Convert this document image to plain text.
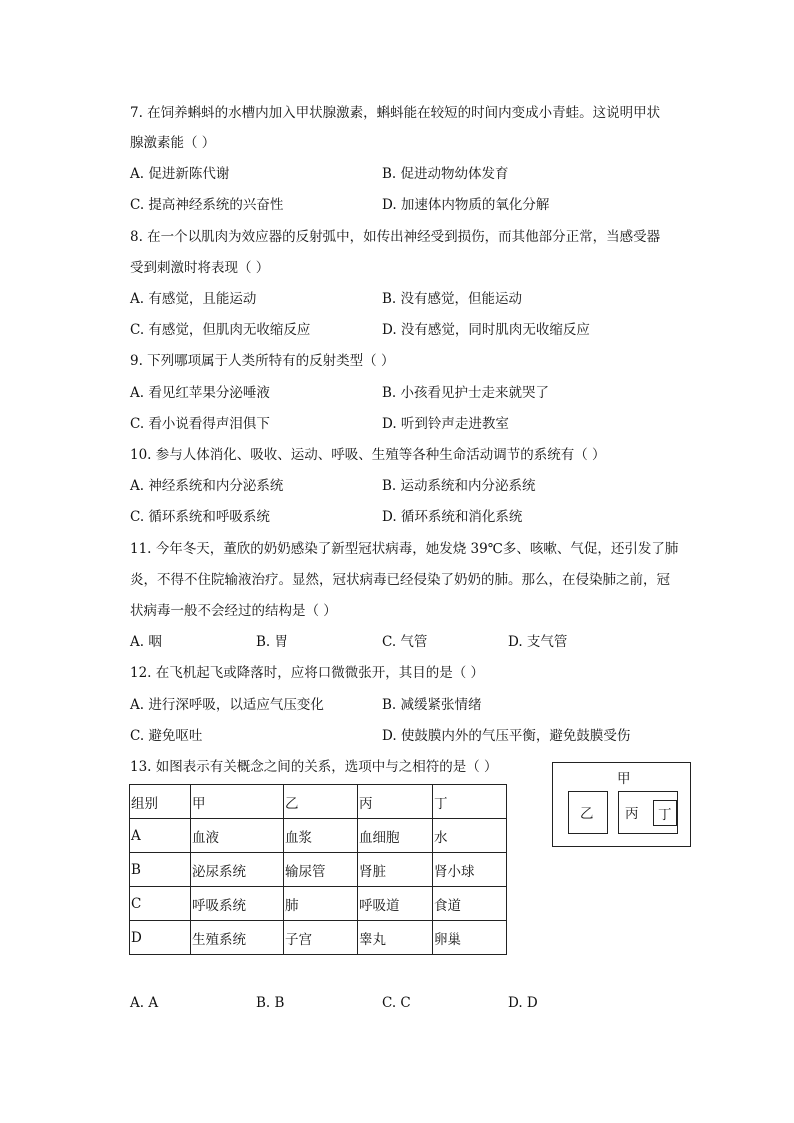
7. 在饲养蝌蚪的水槽内加入甲状腺激素，蝌蚪能在较短的时间内变成小青蛙。这说明甲状
腺激素能（ ）
A. 促进新陈代谢	B. 促进动物幼体发育
C. 提高神经系统的兴奋性	D. 加速体内物质的氧化分解
8. 在一个以肌肉为效应器的反射弧中，如传出神经受到损伤，而其他部分正常，当感受器
受到刺激时将表现（ ）
A. 有感觉，且能运动	B. 没有感觉，但能运动
C. 有感觉，但肌肉无收缩反应	D. 没有感觉，同时肌肉无收缩反应
9. 下列哪项属于人类所特有的反射类型（ ）
A. 看见红苹果分泌唾液	B. 小孩看见护士走来就哭了
C. 看小说看得声泪俱下	D. 听到铃声走进教室
10. 参与人体消化、吸收、运动、呼吸、生殖等各种生命活动调节的系统有（ ）
A. 神经系统和内分泌系统	B. 运动系统和内分泌系统
C. 循环系统和呼吸系统	D. 循环系统和消化系统
11. 今年冬天，董欣的奶奶感染了新型冠状病毒，她发烧 39℃多、咳嗽、气促，还引发了肺
炎，不得不住院输液治疗。显然，冠状病毒已经侵染了奶奶的肺。那么，在侵染肺之前，冠
状病毒一般不会经过的结构是（ ）
A. 咽	B. 胃	C. 气管	D. 支气管
12. 在飞机起飞或降落时，应将口微微张开，其目的是（ ）
A. 进行深呼吸，以适应气压变化	B. 减缓紧张情绪
C. 避免呕吐	D. 使鼓膜内外的气压平衡，避免鼓膜受伤
13. 如图表示有关概念之间的关系，选项中与之相符的是（ ）
组别	甲	乙	丙	丁
A	血液	血浆	血细胞	水
B	泌尿系统	输尿管	肾脏	肾小球
C	呼吸系统	肺	呼吸道	食道
D	生殖系统	子宫	睾丸	卵巢
甲
乙 丙 丁
A. A	B. B	C. C	D. D
